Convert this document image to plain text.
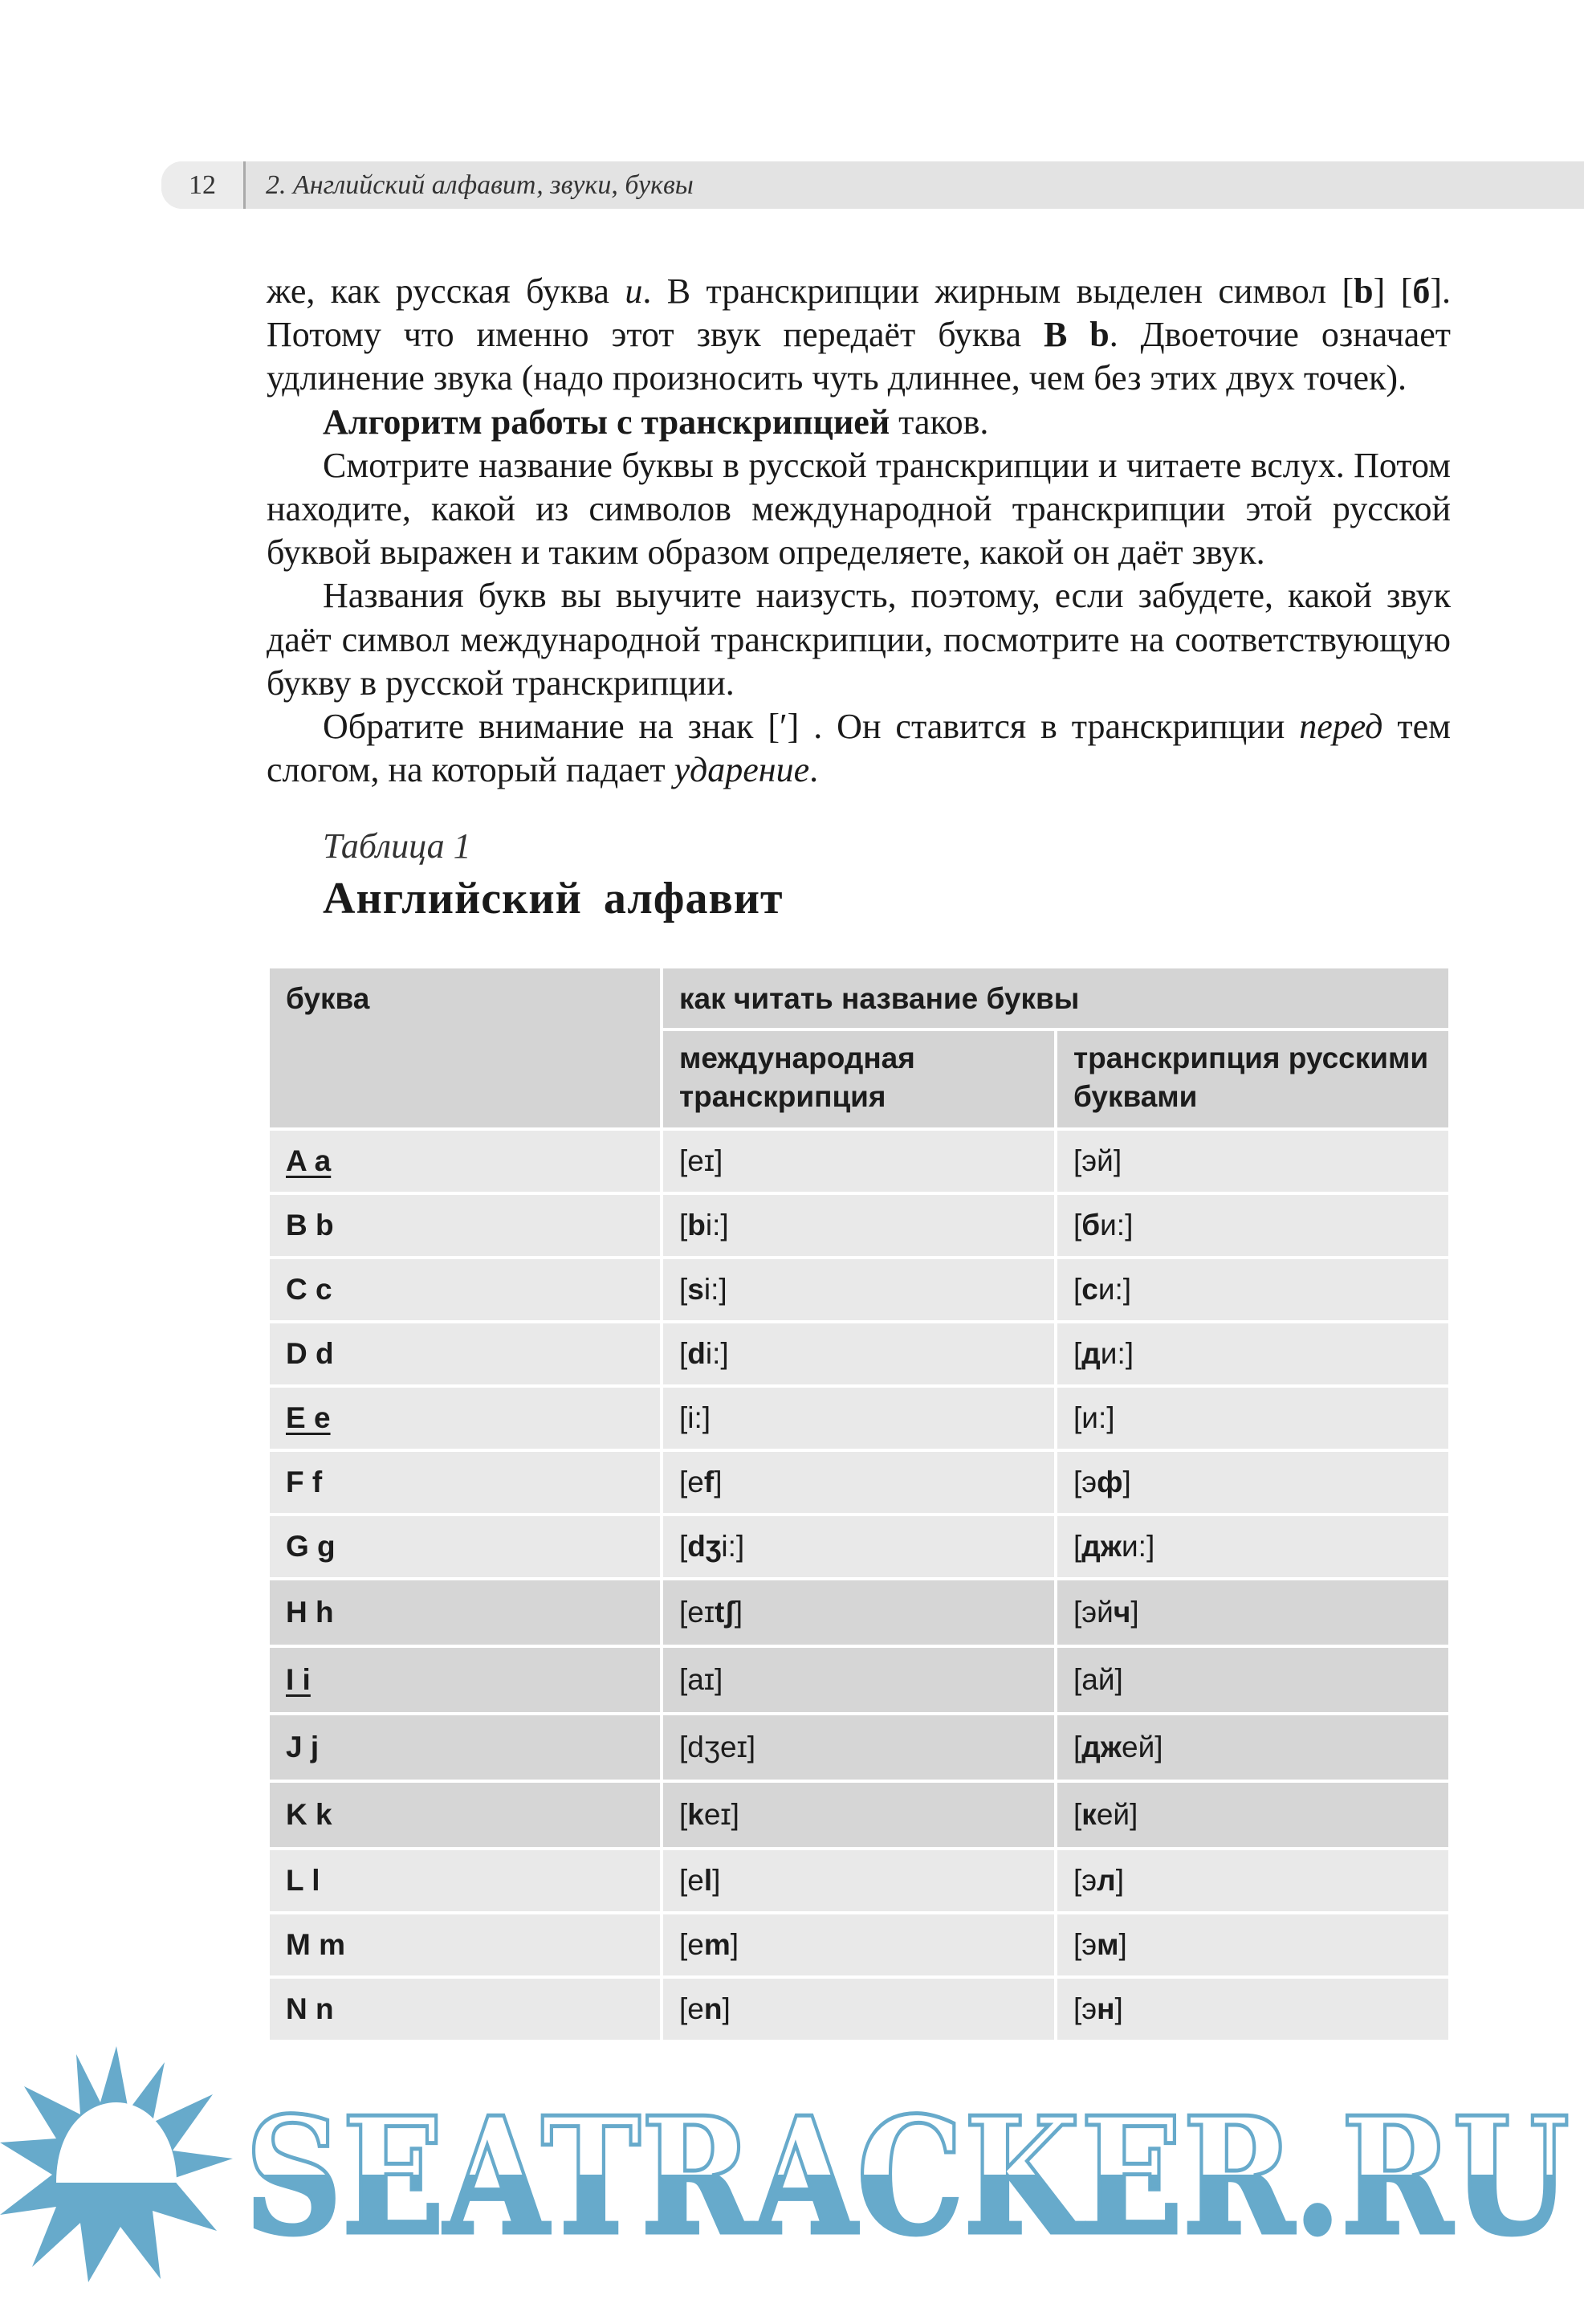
12	2. Английский алфавит, звуки, буквы

же, как русская буква и. В транскрипции жирным выделен символ [b] [б]. Потому что именно этот звук передаёт буква B b. Двоеточие означает удлинение звука (надо произносить чуть длиннее, чем без этих двух точек).

Алгоритм работы с транскрипцией таков.

Смотрите название буквы в русской транскрипции и читаете вслух. Потом находите, какой из символов международной транскрипции этой русской буквой выражен и таким образом определяете, какой он даёт звук.

Названия букв вы выучите наизусть, поэтому, если забудете, какой звук даёт символ международной транскрипции, посмотрите на соответствующую букву в русской транскрипции.

Обратите внимание на знак [ʹ] . Он ставится в транскрипции перед тем слогом, на который падает ударение.

Таблица 1
Английский алфавит
буква	как читать название буквы	
	международная транскрипция	транскрипция русскими буквами
A a	[eɪ]	[эй]
B b	[bi:]	[би:]
C c	[si:]	[си:]
D d	[di:]	[ди:]
E e	[i:]	[и:]
F f	[ef]	[эф]
G g	[dʒi:]	[джи:]
H h	[eɪtʃ]	[эйч]
I i	[aɪ]	[ай]
J j	[dʒeɪ]	[джей]
K k	[keɪ]	[кей]
L l	[el]	[эл]
M m	[em]	[эм]
N n	[en]	[эн]
SEATRACKER.RU
